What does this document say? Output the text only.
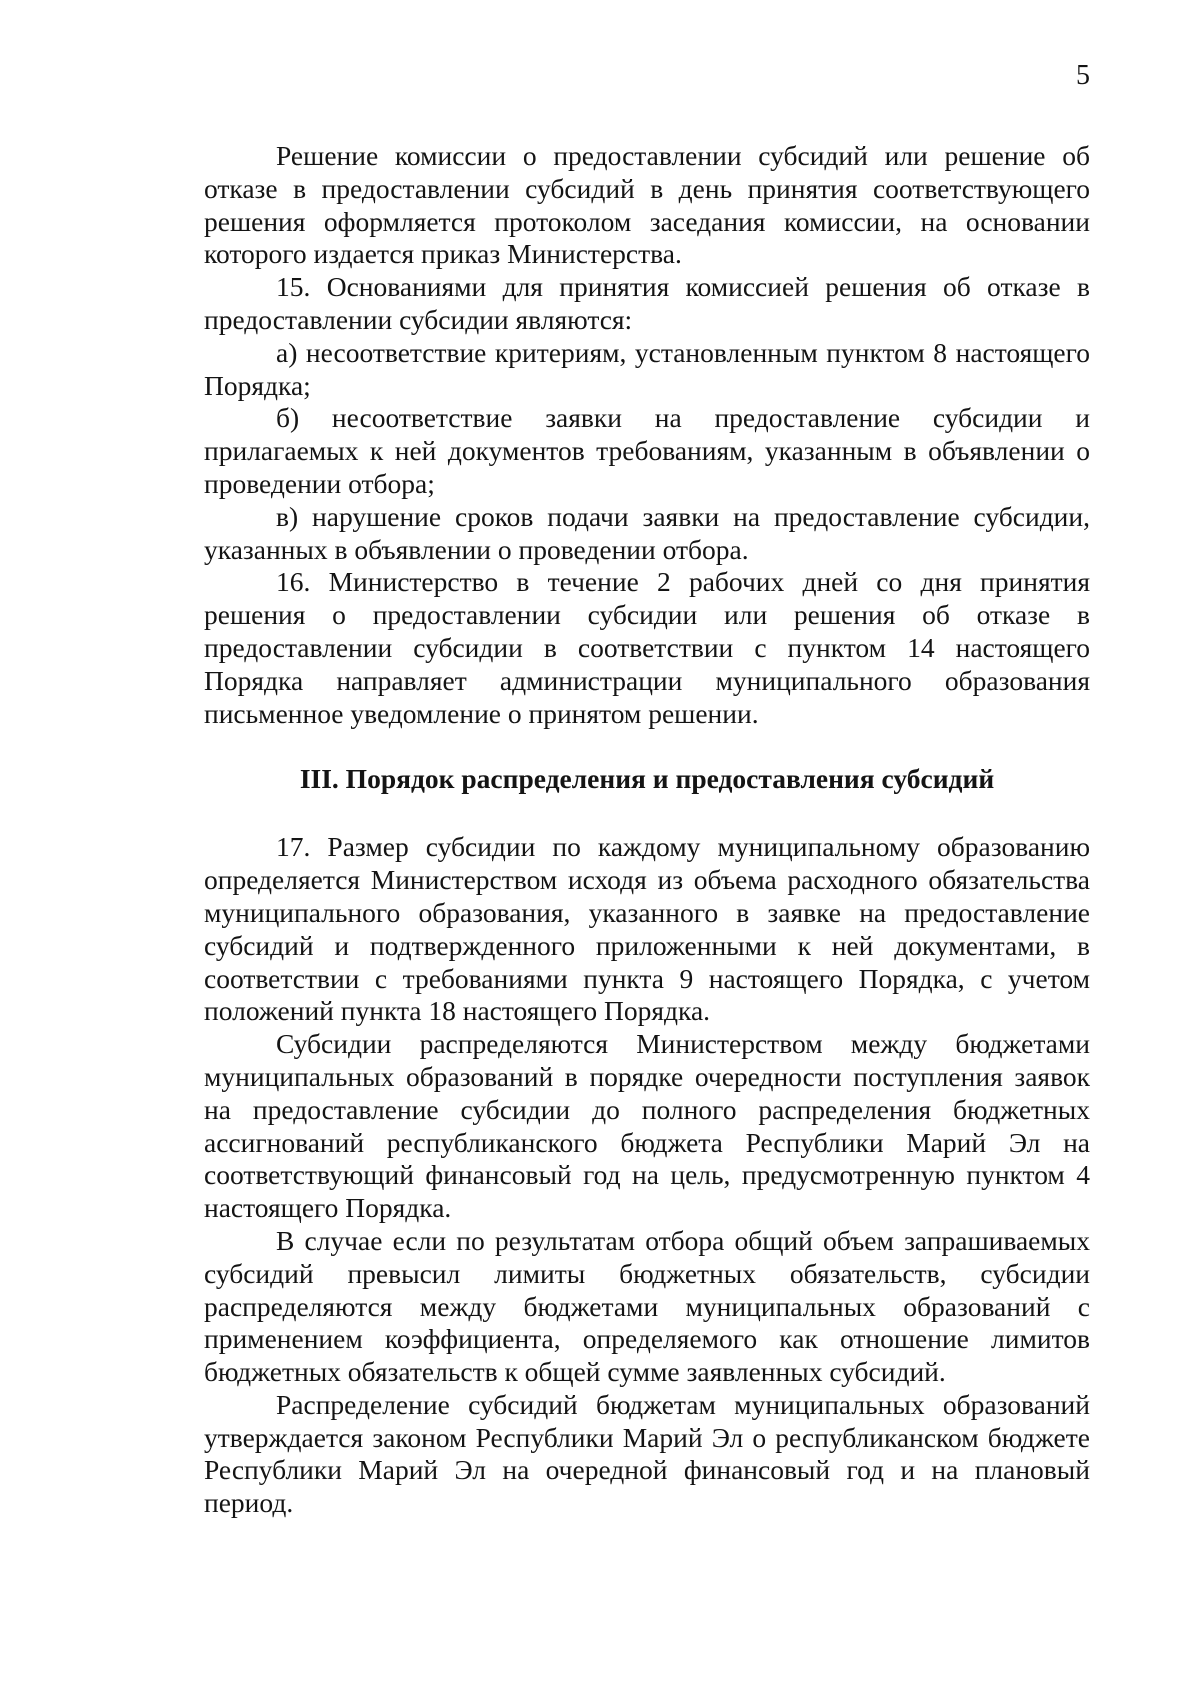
5

Решение комиссии о предоставлении субсидий или решение об отказе в предоставлении субсидий в день принятия соответствующего решения оформляется протоколом заседания комиссии, на основании которого издается приказ Министерства.

15. Основаниями для принятия комиссией решения об отказе в предоставлении субсидии являются:

а) несоответствие критериям, установленным пунктом 8 настоящего Порядка;

б) несоответствие заявки на предоставление субсидии и прилагаемых к ней документов требованиям, указанным в объявлении о проведении отбора;

в) нарушение сроков подачи заявки на предоставление субсидии, указанных в объявлении о проведении отбора.

16. Министерство в течение 2 рабочих дней со дня принятия решения о предоставлении субсидии или решения об отказе в предоставлении субсидии в соответствии с пунктом 14 настоящего Порядка направляет администрации муниципального образования письменное уведомление о принятом решении.

III. Порядок распределения и предоставления субсидий

17. Размер субсидии по каждому муниципальному образованию определяется Министерством исходя из объема расходного обязательства муниципального образования, указанного в заявке на предоставление субсидий и подтвержденного приложенными к ней документами, в соответствии с требованиями пункта 9 настоящего Порядка, с учетом положений пункта 18 настоящего Порядка.

Субсидии распределяются Министерством между бюджетами муниципальных образований в порядке очередности поступления заявок на предоставление субсидии до полного распределения бюджетных ассигнований республиканского бюджета Республики Марий Эл на соответствующий финансовый год на цель, предусмотренную пунктом 4 настоящего Порядка.

В случае если по результатам отбора общий объем запрашиваемых субсидий превысил лимиты бюджетных обязательств, субсидии распределяются между бюджетами муниципальных образований с применением коэффициента, определяемого как отношение лимитов бюджетных обязательств к общей сумме заявленных субсидий.

Распределение субсидий бюджетам муниципальных образований утверждается законом Республики Марий Эл о республиканском бюджете Республики Марий Эл на очередной финансовый год и на плановый период.
